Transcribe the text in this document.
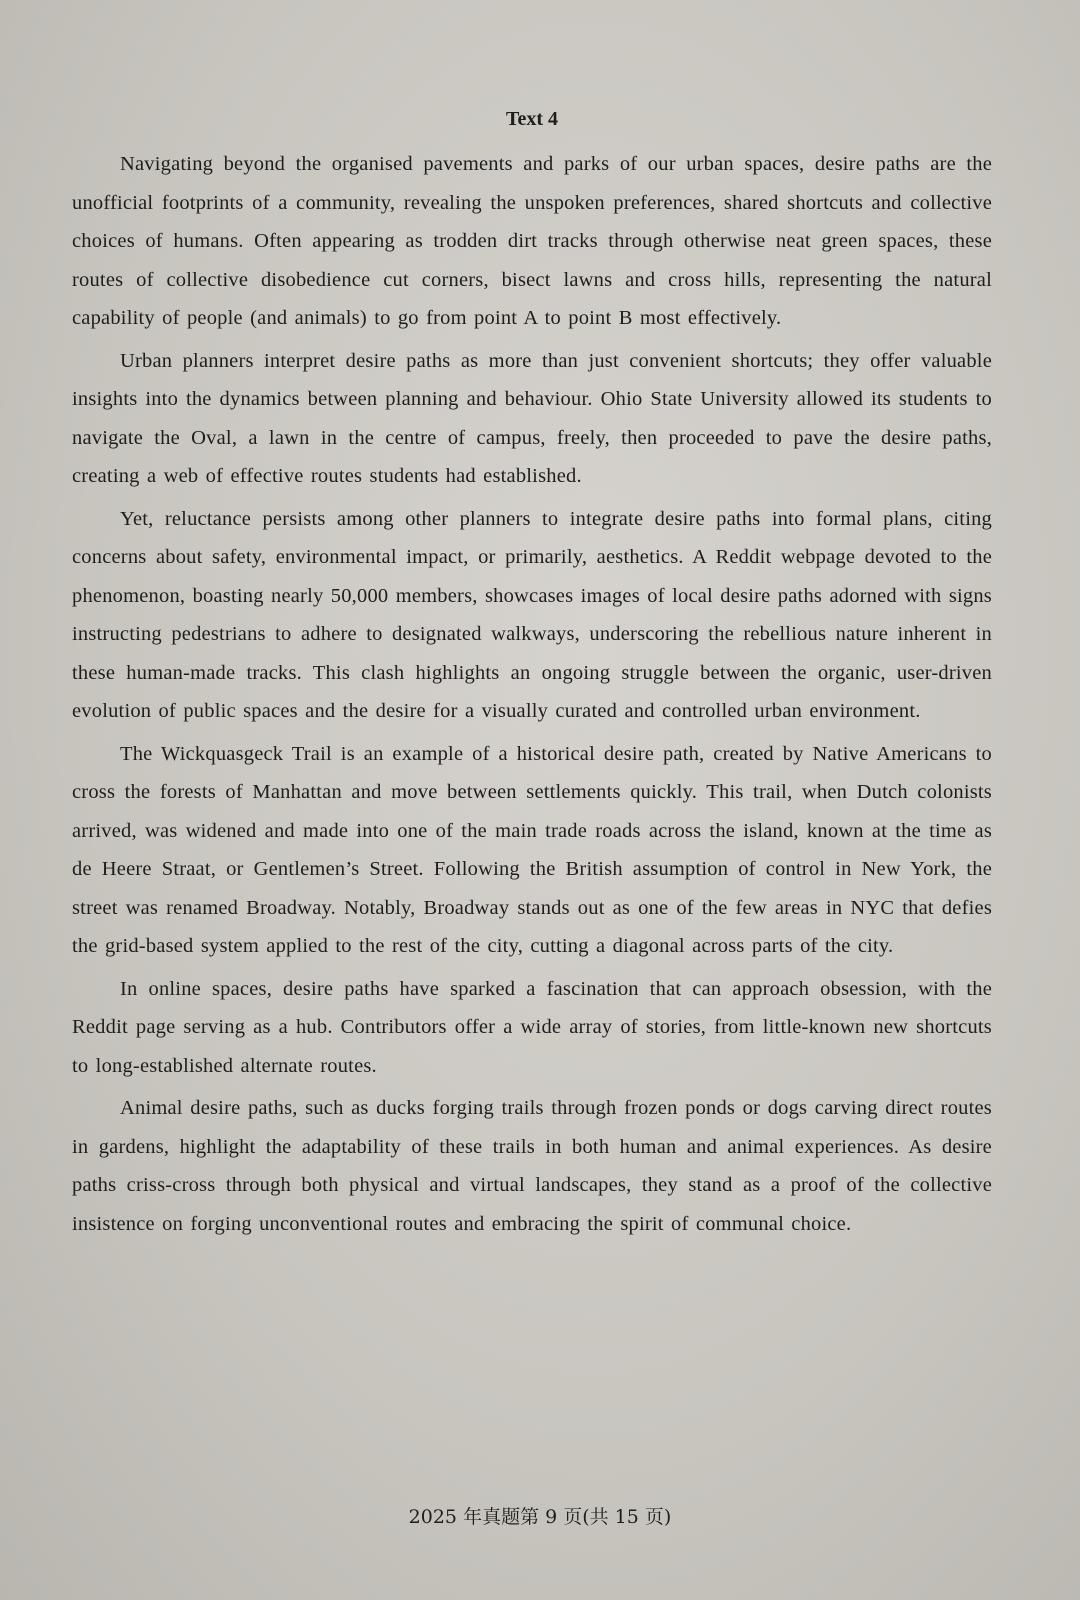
Text 4

Navigating beyond the organised pavements and parks of our urban spaces, desire paths are the unofficial footprints of a community, revealing the unspoken preferences, shared shortcuts and collective choices of humans. Often appearing as trodden dirt tracks through otherwise neat green spaces, these routes of collective disobedience cut corners, bisect lawns and cross hills, representing the natural capability of people (and animals) to go from point A to point B most effectively.

Urban planners interpret desire paths as more than just convenient shortcuts; they offer valuable insights into the dynamics between planning and behaviour. Ohio State University allowed its students to navigate the Oval, a lawn in the centre of campus, freely, then proceeded to pave the desire paths, creating a web of effective routes students had established.

Yet, reluctance persists among other planners to integrate desire paths into formal plans, citing concerns about safety, environmental impact, or primarily, aesthetics. A Reddit webpage devoted to the phenomenon, boasting nearly 50,000 members, showcases images of local desire paths adorned with signs instructing pedestrians to adhere to designated walkways, underscoring the rebellious nature inherent in these human-made tracks. This clash highlights an ongoing struggle between the organic, user-driven evolution of public spaces and the desire for a visually curated and controlled urban environment.

The Wickquasgeck Trail is an example of a historical desire path, created by Native Americans to cross the forests of Manhattan and move between settlements quickly. This trail, when Dutch colonists arrived, was widened and made into one of the main trade roads across the island, known at the time as de Heere Straat, or Gentlemen’s Street. Following the British assumption of control in New York, the street was renamed Broadway. Notably, Broadway stands out as one of the few areas in NYC that defies the grid-based system applied to the rest of the city, cutting a diagonal across parts of the city.

In online spaces, desire paths have sparked a fascination that can approach obsession, with the Reddit page serving as a hub. Contributors offer a wide array of stories, from little-known new shortcuts to long-established alternate routes.

Animal desire paths, such as ducks forging trails through frozen ponds or dogs carving direct routes in gardens, highlight the adaptability of these trails in both human and animal experiences. As desire paths criss-cross through both physical and virtual landscapes, they stand as a proof of the collective insistence on forging unconventional routes and embracing the spirit of communal choice.

2025 年真题第 9 页(共 15 页)
